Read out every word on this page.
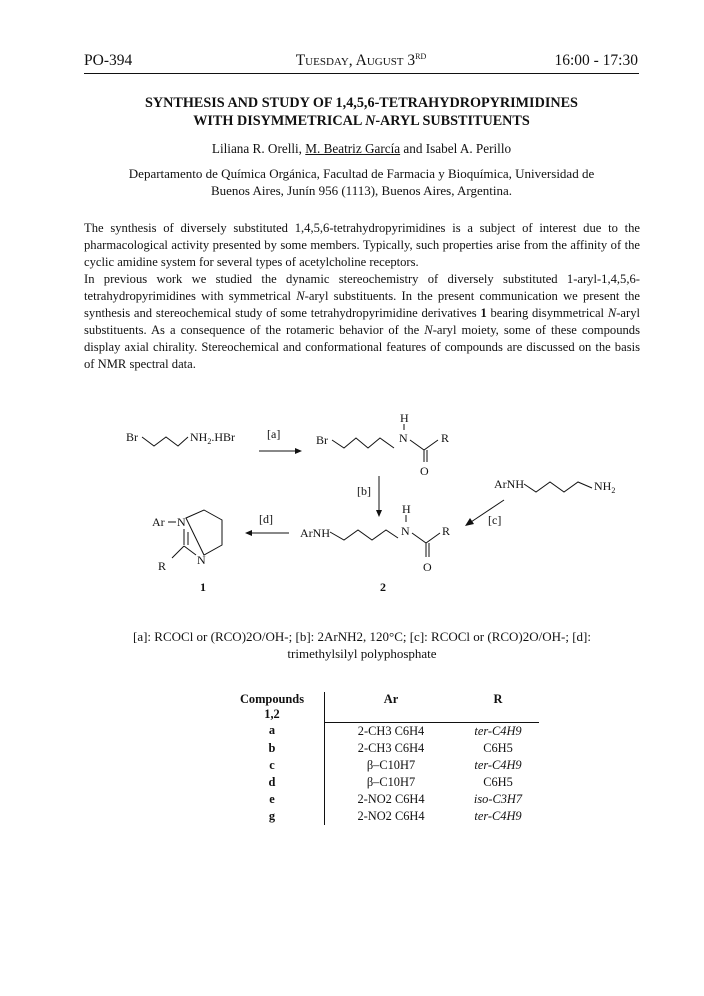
PO-394	Tuesday, August 3RD	16:00 - 17:30
SYNTHESIS AND STUDY OF 1,4,5,6-TETRAHYDROPYRIMIDINES
WITH DISYMMETRICAL N-ARYL SUBSTITUENTS
Liliana R. Orelli, M. Beatriz García and Isabel A. Perillo
Departamento de Química Orgánica, Facultad de Farmacia y Bioquímica, Universidad de
Buenos Aires, Junín 956 (1113), Buenos Aires, Argentina.

The synthesis of diversely substituted 1,4,5,6-tetrahydropyrimidines is a subject of interest due to the pharmacological activity presented by some members. Typically, such properties arise from the affinity of the cyclic amidine system for several types of acetylcholine receptors.

In previous work we studied the dynamic stereochemistry of diversely substituted 1-aryl-1,4,5,6-tetrahydropyrimidines with symmetrical N-aryl substituents. In the present communication we present the synthesis and stereochemical study of some tetrahydropyrimidine derivatives 1 bearing disymmetrical N-aryl substituents. As a consequence of the rotameric behavior of the N-aryl moiety, some of these compounds display axial chirality. Stereochemical and conformational features of compounds are discussed on the basis of NMR spectral data.

Br	$NH_2.HBr$	[a]	Br
H
N
O
R
[b]	ArNH	$NH_2$
[c]
ArNH
H
N
O
R
2
[d]
Ar N
N
R
1
[a]: RCOCl or (RCO)2O/OH-; [b]: 2ArNH2, 120°C; [c]: RCOCl or (RCO)2O/OH-; [d]:
trimethylsilyl polyphosphate
Compounds
1,2	Ar	R
a	2-CH3 C6H4	ter-C4H9
b	2-CH3 C6H4	C6H5
c	β–C10H7	ter-C4H9
d	β–C10H7	C6H5
e	2-NO2 C6H4	iso-C3H7
g	2-NO2 C6H4	ter-C4H9
